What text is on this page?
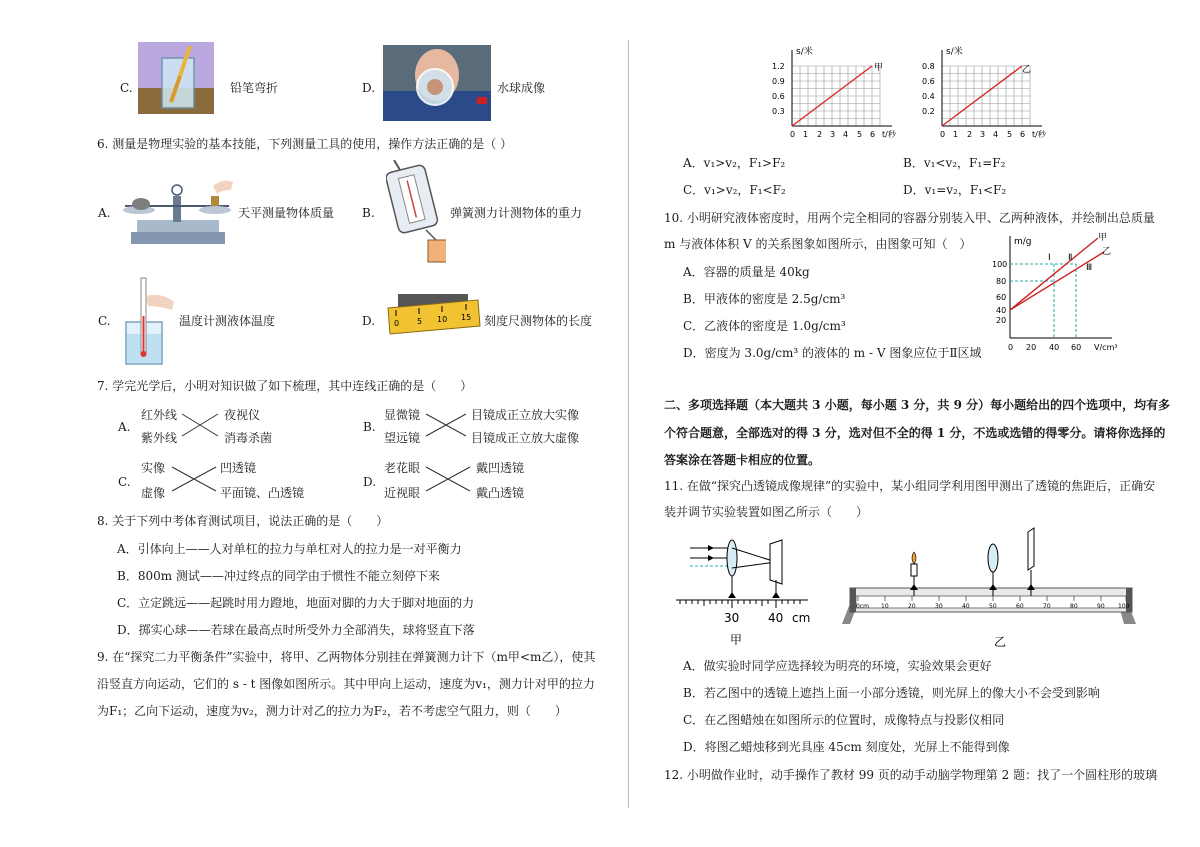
C.	铅笔弯折	D.	水球成像
6. 测量是物理实验的基本技能，下列测量工具的使用，操作方法正确的是（ ）
A.	天平测量物体质量 B.	弹簧测力计测物体的重力
C.	温度计测液体温度	D. 0 5 10 15 刻度尺测物体的长度
7. 学完光学后，小明对知识做了如下梳理，其中连线正确的是（　　）
A.
红外线
紫外线
夜视仪
消毒杀菌
B.
显微镜
望远镜
目镜成正立放大实像
目镜成正立放大虚像
C.
实像
虚像
凹透镜
平面镜、凸透镜
D.
老花眼
近视眼
戴凹透镜
戴凸透镜
8. 关于下列中考体育测试项目，说法正确的是（　　）
A．引体向上——人对单杠的拉力与单杠对人的拉力是一对平衡力
B．800m 测试——冲过终点的同学由于惯性不能立刻停下来
C．立定跳远——起跳时用力蹬地，地面对脚的力大于脚对地面的力
D．掷实心球——若球在最高点时所受外力全部消失，球将竖直下落
9. 在“探究二力平衡条件”实验中，将甲、乙两物体分别挂在弹簧测力计下（m甲<m乙），使其
沿竖直方向运动，它们的 s - t 图像如图所示。其中甲向上运动，速度为v₁，测力计对甲的拉力
为F₁；乙向下运动，速度为v₂，测力计对乙的拉力为F₂，若不考虑空气阻力，则（　　）
s/米
甲
0.3
0.6
0.9
1.2
0 1 2 3 4 5 6 t/秒
s/米
乙
0.2
0.4
0.6
0.8
0 1 2 3 4 5 6 t/秒
A．v₁>v₂，F₁>F₂	B．v₁<v₂，F₁=F₂
C．v₁>v₂，F₁<F₂	D．v₁=v₂，F₁<F₂
10. 小明研究液体密度时，用两个完全相同的容器分别装入甲、乙两种液体，并绘制出总质量
m 与液体体积 V 的关系图象如图所示，由图象可知（　）
A．容器的质量是 40kg
B．甲液体的密度是 2.5g/cm³
C．乙液体的密度是 1.0g/cm³
D．密度为 3.0g/cm³ 的液体的 m - V 图象应位于Ⅱ区域
m/g	甲
乙
Ⅰ Ⅱ
Ⅲ
20
40
60
80
100
0 20 40 60 V/cm³
二、多项选择题（本大题共 3 小题，每小题 3 分，共 9 分）每小题给出的四个选项中，均有多
个符合题意，全部选对的得 3 分，选对但不全的得 1 分，不选或选错的得零分。请将你选择的
答案涂在答题卡相应的位置。
11. 在做“探究凸透镜成像规律”的实验中，某小组同学利用图甲测出了透镜的焦距后，正确安
装并调节实验装置如图乙所示（　　）
30 40 cm
甲
0cm 10	20	30	40	50	60	70	80	90 100
乙
A．做实验时同学应选择较为明亮的环境，实验效果会更好
B．若乙图中的透镜上遮挡上面一小部分透镜，则光屏上的像大小不会受到影响
C．在乙图蜡烛在如图所示的位置时，成像特点与投影仪相同
D．将图乙蜡烛移到光具座 45cm 刻度处，光屏上不能得到像
12. 小明做作业时，动手操作了教材 99 页的动手动脑学物理第 2 题：找了一个圆柱形的玻璃
